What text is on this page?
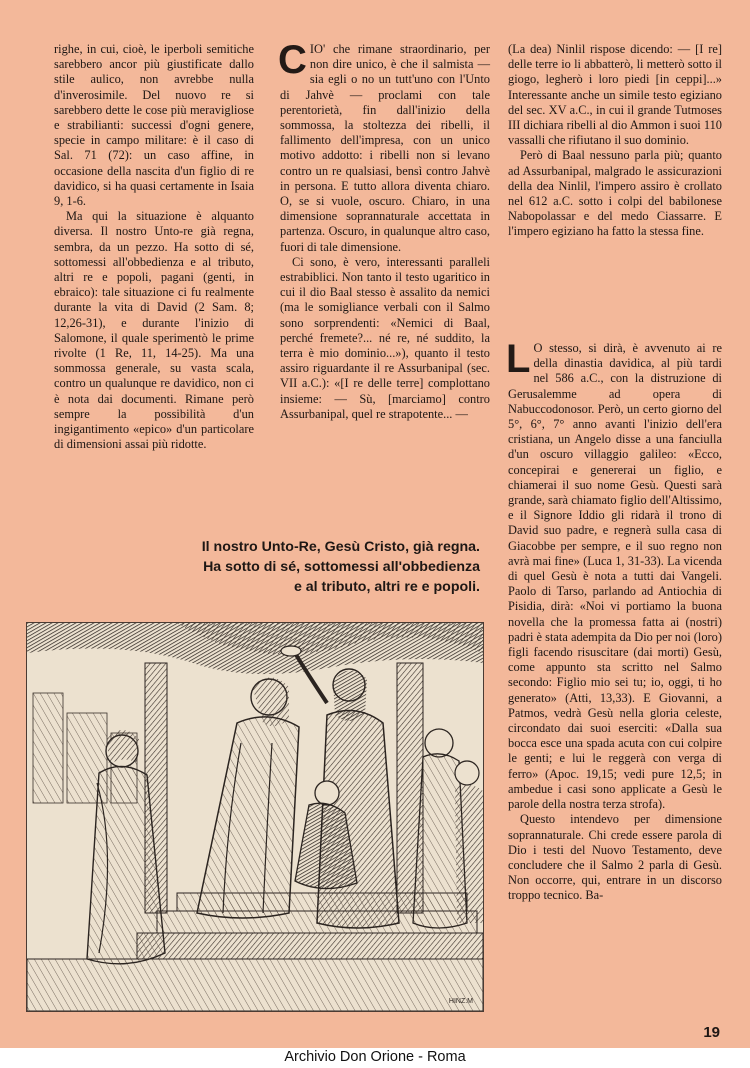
righe, in cui, cioè, le iperboli semitiche sarebbero ancor più giustificate dallo stile aulico, non avrebbe nulla d'inverosimile. Del nuovo re si sarebbero dette le cose più meravigliose e strabilianti: successi d'ogni genere, specie in campo militare: è il caso di Sal. 71 (72): un caso affine, in occasione della nascita d'un figlio di re davidico, si ha quasi certamente in Isaia 9, 1-6.

Ma qui la situazione è alquanto diversa. Il nostro Unto-re già regna, sembra, da un pezzo. Ha sotto di sé, sottomessi all'obbedienza e al tributo, altri re e popoli, pagani (genti, in ebraico): tale situazione ci fu realmente durante la vita di David (2 Sam. 8; 12,26-31), e durante l'inizio di Salomone, il quale sperimentò le prime rivolte (1 Re, 11, 14-25). Ma una sommossa generale, su vasta scala, contro un qualunque re davidico, non ci è nota dai documenti. Rimane però sempre la possibilità d'un ingigantimento «epico» d'un particolare di dimensioni assai più ridotte.

CIO' che rimane straordinario, per non dire unico, è che il salmista — sia egli o no un tutt'uno con l'Unto di Jahvè — proclami con tale perentorietà, fin dall'inizio della sommossa, la stoltezza dei ribelli, il fallimento dell'impresa, con un unico motivo addotto: i ribelli non si levano contro un re qualsiasi, bensì contro Jahvè in persona. E tutto allora diventa chiaro. O, se si vuole, oscuro. Chiaro, in una dimensione soprannaturale accettata in partenza. Oscuro, in qualunque altro caso, fuori di tale dimensione.

Ci sono, è vero, interessanti paralleli estrabiblici. Non tanto il testo ugaritico in cui il dio Baal stesso è assalito da nemici (ma le somigliance verbali con il Salmo sono sorprendenti: «Nemici di Baal, perché fremete?... né re, né suddito, la terra è mio dominio...»), quanto il testo assiro riguardante il re Assurbanipal (sec. VII a.C.): «[I re delle terre] complottano insieme: — Sù, [marciamo] contro Assurbanipal, quel re strapotente... —

(La dea) Ninlil rispose dicendo: — [I re] delle terre io li abbatterò, li metterò sotto il giogo, legherò i loro piedi [in ceppi]...» Interessante anche un simile testo egiziano del sec. XV a.C., in cui il grande Tutmoses III dichiara ribelli al dio Ammon i suoi 110 vassalli che rifiutano il suo dominio.

Però di Baal nessuno parla più; quanto ad Assurbanipal, malgrado le assicurazioni della dea Ninlil, l'impero assiro è crollato nel 612 a.C. sotto i colpi del babilonese Nabopolassar e del medo Ciassarre. E l'impero egiziano ha fatto la stessa fine.

L O stesso, si dirà, è avvenuto ai re della dinastia davidica, al più tardi nel 586 a.C., con la distruzione di Gerusalemme ad opera di Nabuccodonosor. Però, un certo giorno del 5°, 6°, 7° anno avanti l'inizio dell'era cristiana, un Angelo disse a una fanciulla d'un oscuro villaggio galileo: «Ecco, concepirai e genererai un figlio, e chiamerai il suo nome Gesù. Questi sarà grande, sarà chiamato figlio dell'Altissimo, e il Signore Iddio gli ridarà il trono di David suo padre, e regnerà sulla casa di Giacobbe per sempre, e il suo regno non avrà mai fine» (Luca 1, 31-33). La vicenda di quel Gesù è nota a tutti dai Vangeli. Paolo di Tarso, parlando ad Antiochia di Pisidia, dirà: «Noi vi portiamo la buona novella che la promessa fatta ai (nostri) padri è stata adempita da Dio per noi (loro) figli facendo risuscitare (dai morti) Gesù, come appunto sta scritto nel Salmo secondo: Figlio mio sei tu; io, oggi, ti ho generato» (Atti, 13,33). E Giovanni, a Patmos, vedrà Gesù nella gloria celeste, circondato dai suoi eserciti: «Dalla sua bocca esce una spada acuta con cui colpire le genti; e lui le reggerà con verga di ferro» (Apoc. 19,15; vedi pure 12,5; in ambedue i casi sono applicate a Gesù le parole della nostra terza strofa).

Questo intendevo per dimensione soprannaturale. Chi crede essere parola di Dio i testi del Nuovo Testamento, deve concludere che il Salmo 2 parla di Gesù. Non occorre, qui, entrare in un discorso troppo tecnico. Ba-

Il nostro Unto-Re, Gesù Cristo, già regna.

Ha sotto di sé, sottomessi all'obbedienza

e al tributo, altri re e popoli.

HINZ.M
19
Archivio Don Orione - Roma
